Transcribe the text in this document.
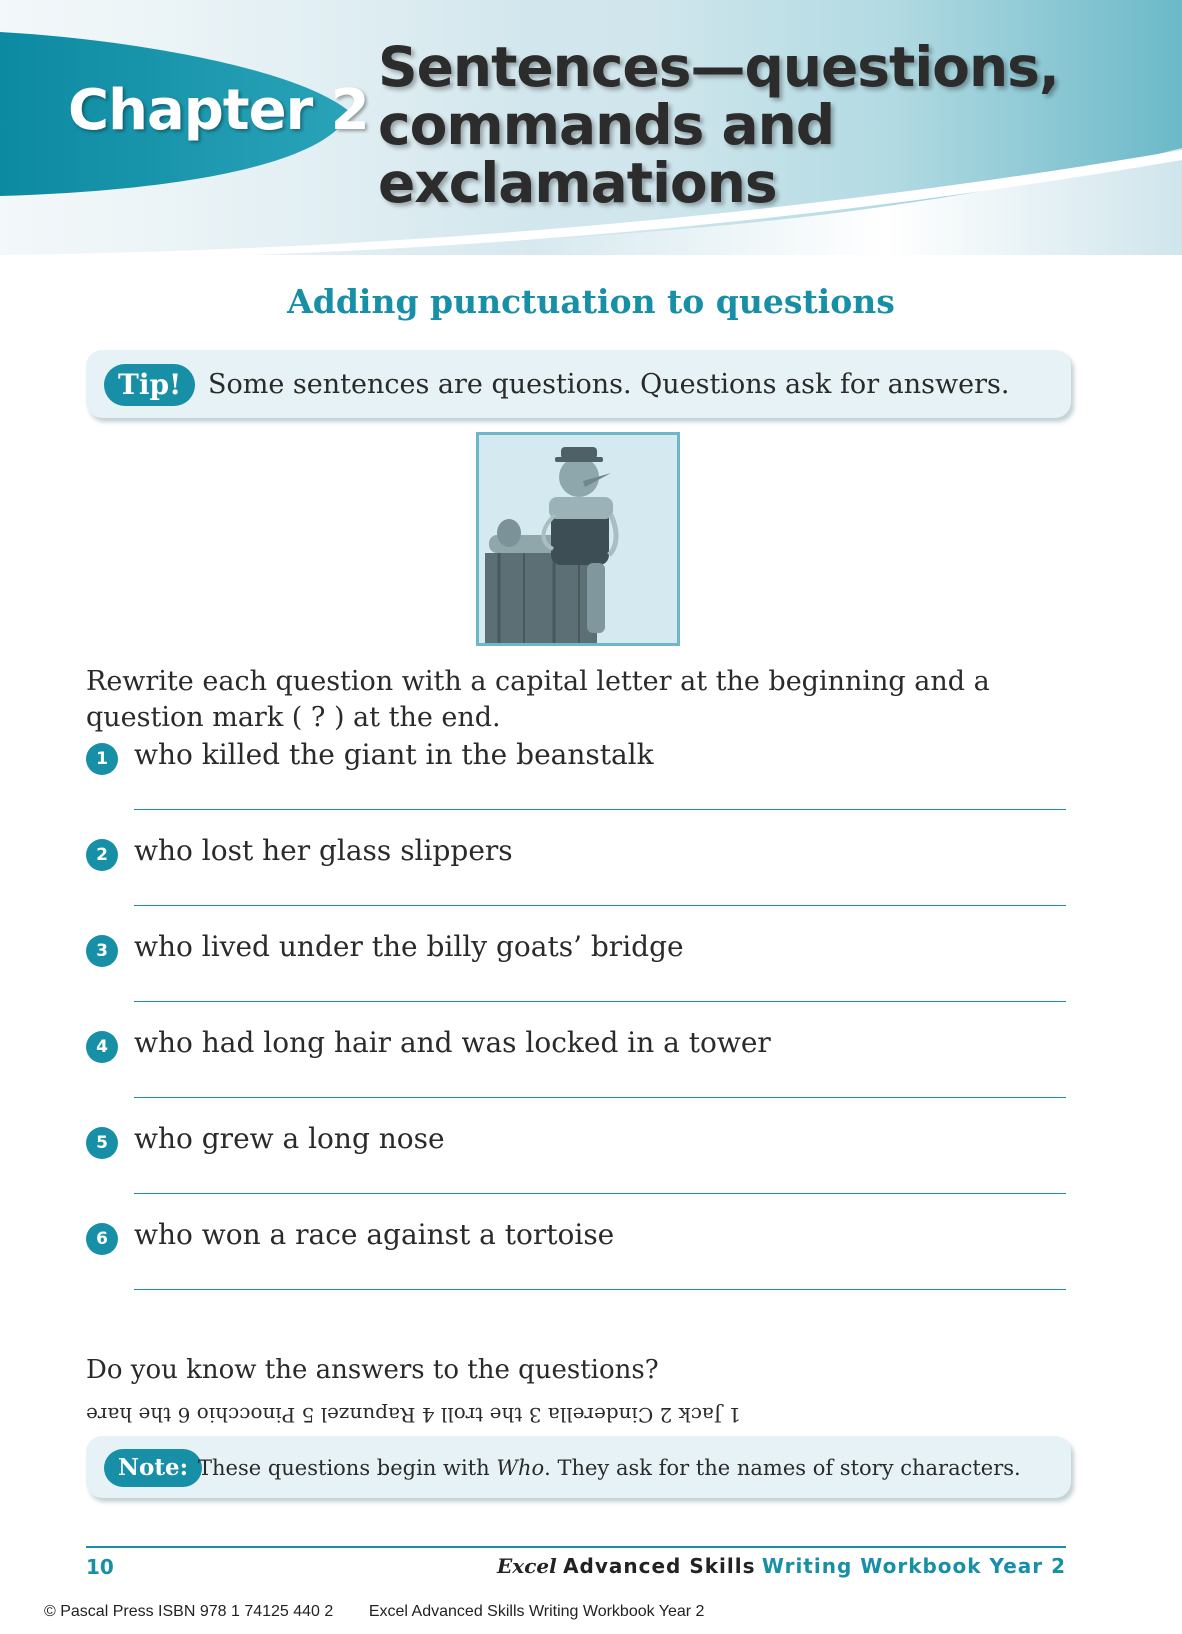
Chapter 2
Sentences—questions, commands and exclamations
Adding punctuation to questions
Tip! Some sentences are questions. Questions ask for answers.
Rewrite each question with a capital letter at the beginning and a question mark ( ? ) at the end.
1 who killed the giant in the beanstalk
2 who lost her glass slippers
3 who lived under the billy goats’ bridge
4 who had long hair and was locked in a tower
5 who grew a long nose
6 who won a race against a tortoise
Do you know the answers to the questions?
1 Jack 2 Cinderella 3 the troll 4 Rapunzel 5 Pinocchio 6 the hare
Note: These questions begin with Who. They ask for the names of story characters.
10	Excel Advanced Skills Writing Workbook Year 2
© Pascal Press ISBN 978 1 74125 440 2        Excel Advanced Skills Writing Workbook Year 2
